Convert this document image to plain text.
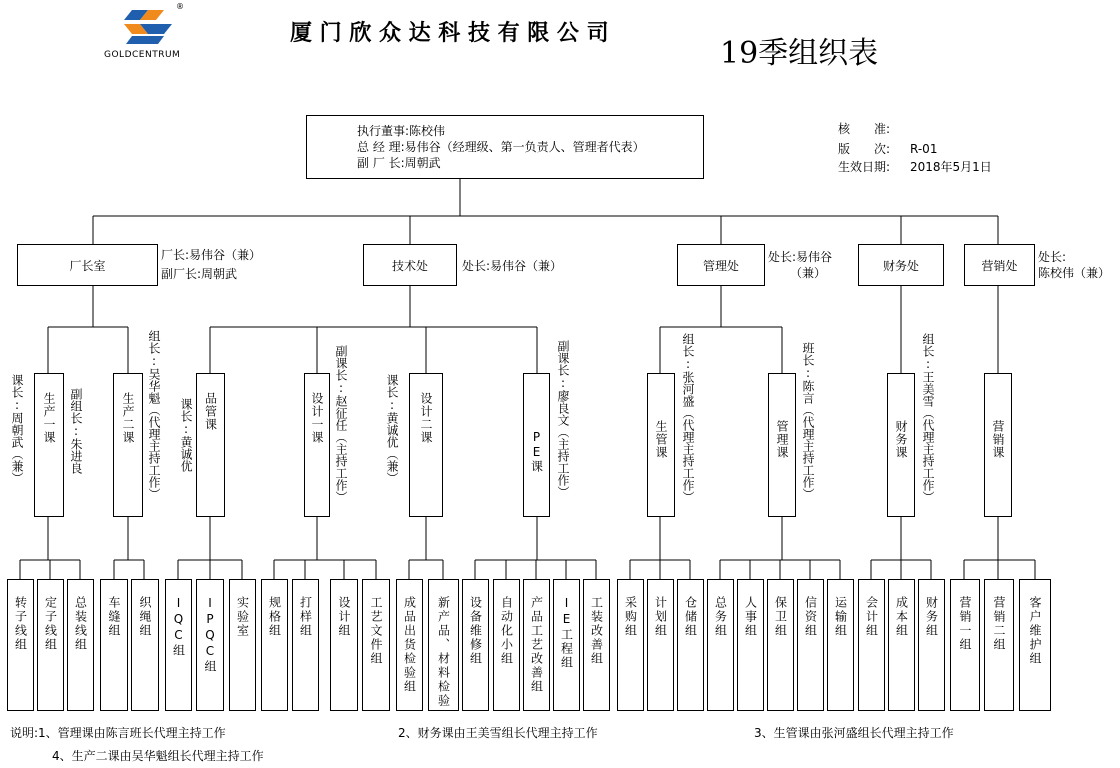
®
GOLDCENTRUM
厦 门 欣 众 达 科 技 有 限 公 司
19季组织表
执行董事:陈校伟
总 经 理:易伟谷（经理级、第一负责人、管理者代表）
副 厂 长:周朝武
核　　准:
版　　次: R-01
生效日期: 2018年5月1日
厂长室
厂长:易伟谷（兼）
副厂长:周朝武
技术处	处长:易伟谷（兼）	管理处
处长:易伟谷
（兼）
财务处	营销处
处长:
陈校伟（兼）
生产一课
课长:周朝武（兼）	副组长:朱进良	生产二课 组长:吴华魁（代理主持工作）	品管课
课长:黄诚优	设计一课 副课长:赵征任（主持工作）	设计二课
课长:黄诚优（兼）	PE课 副课长:廖良文（主持工作）	生管课 组长:张河盛（代理主持工作）	管理课 班长:陈言（代理主持工作）	财务课 组长:王美雪（代理主持工作）	营销课
转子线组 定子线组 总装线组 车缝组 织绳组 IQC组 IPQC组 实验室 规格组 打样组 设计组 工艺文件组 成品出货检验组 新产品、材料检验 设备维修组 自动化小组 产品工艺改善组 IE工程组 工装改善组 采购组 计划组 仓储组 总务组 人事组 保卫组 信资组 运输组 会计组 成本组 财务组 营销一组 营销二组 客户维护组
说明:1、管理课由陈言班长代理主持工作	2、财务课由王美雪组长代理主持工作	3、生管课由张河盛组长代理主持工作
4、生产二课由吴华魁组长代理主持工作
